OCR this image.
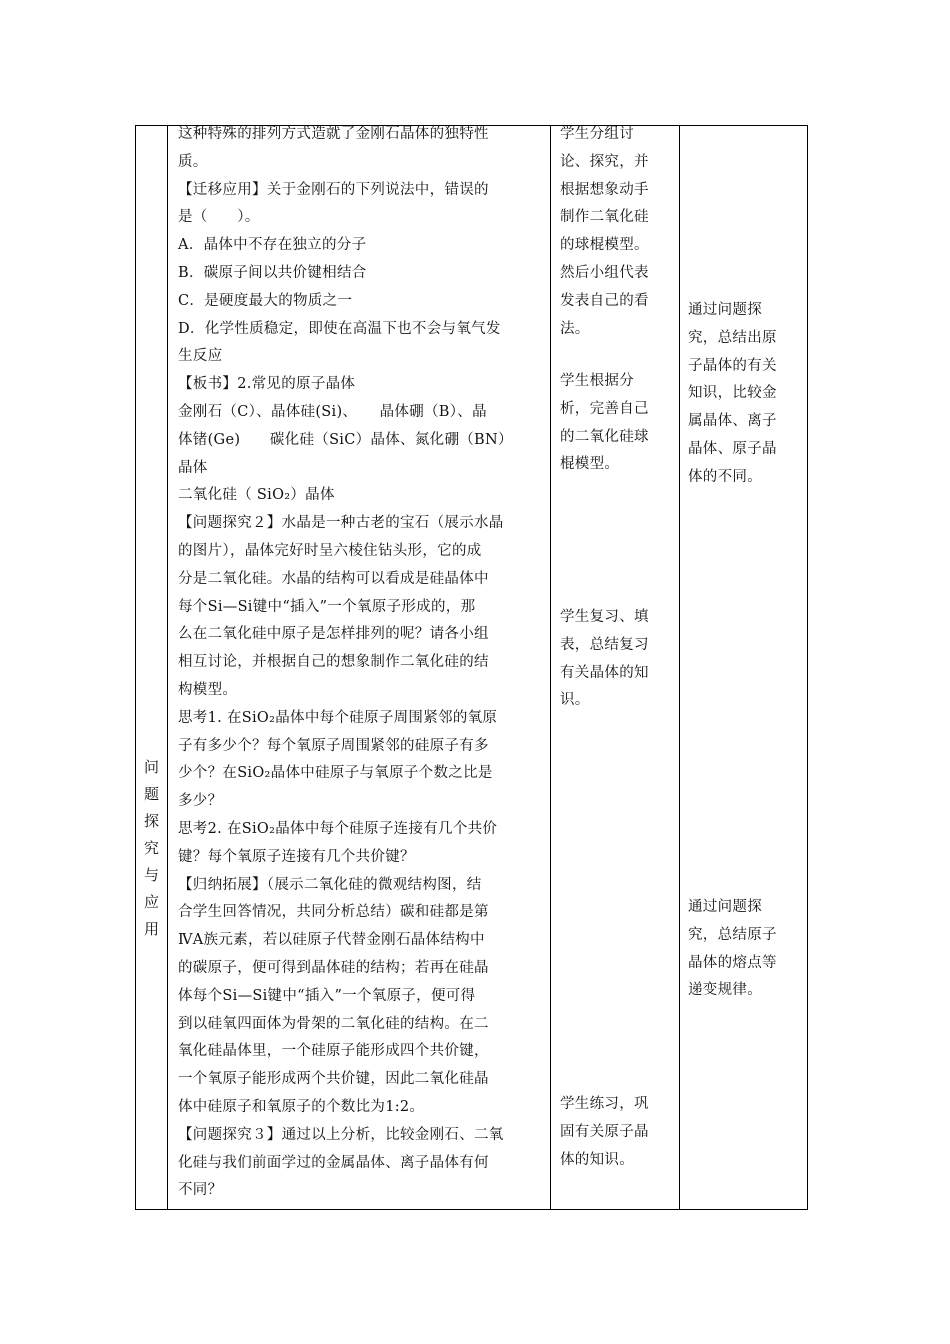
问
题
探
究
与
应
用
这种特殊的排列方式造就了金刚石晶体的独特性
质。
【迁移应用】关于金刚石的下列说法中，错误的
是（　　）。
A．晶体中不存在独立的分子
B．碳原子间以共价键相结合
C．是硬度最大的物质之一
D．化学性质稳定，即使在高温下也不会与氧气发
生反应
【板书】2.常见的原子晶体
金刚石（C）、晶体硅(Si)、　　晶体硼（B）、晶
体锗(Ge)　　碳化硅（SiC）晶体、氮化硼（BN）
晶体
二氧化硅（ SiO₂）晶体
【问题探究２】水晶是一种古老的宝石（展示水晶
的图片），晶体完好时呈六棱住钻头形，它的成
分是二氧化硅。水晶的结构可以看成是硅晶体中
每个Si—Si键中“插入”一个氧原子形成的，那
么在二氧化硅中原子是怎样排列的呢？请各小组
相互讨论，并根据自己的想象制作二氧化硅的结
构模型。
思考1. 在SiO₂晶体中每个硅原子周围紧邻的氧原
子有多少个？每个氧原子周围紧邻的硅原子有多
少个？在SiO₂晶体中硅原子与氧原子个数之比是
多少？
思考2. 在SiO₂晶体中每个硅原子连接有几个共价
键？每个氧原子连接有几个共价键？
【归纳拓展】（展示二氧化硅的微观结构图，结
合学生回答情况，共同分析总结）碳和硅都是第
ⅣA族元素，若以硅原子代替金刚石晶体结构中
的碳原子，便可得到晶体硅的结构；若再在硅晶
体每个Si—Si键中“插入”一个氧原子，便可得
到以硅氧四面体为骨架的二氧化硅的结构。在二
氧化硅晶体里，一个硅原子能形成四个共价键，
一个氧原子能形成两个共价键，因此二氧化硅晶
体中硅原子和氧原子的个数比为1:2。
【问题探究３】通过以上分析，比较金刚石、二氧
化硅与我们前面学过的金属晶体、离子晶体有何
不同？
学生分组讨
论、探究，并
根据想象动手
制作二氧化硅
的球棍模型。
然后小组代表
发表自己的看
法。
学生根据分
析，完善自己
的二氧化硅球
棍模型。
学生复习、填
表，总结复习
有关晶体的知
识。
学生练习，巩
固有关原子晶
体的知识。
通过问题探
究，总结出原
子晶体的有关
知识，比较金
属晶体、离子
晶体、原子晶
体的不同。
通过问题探
究，总结原子
晶体的熔点等
递变规律。
